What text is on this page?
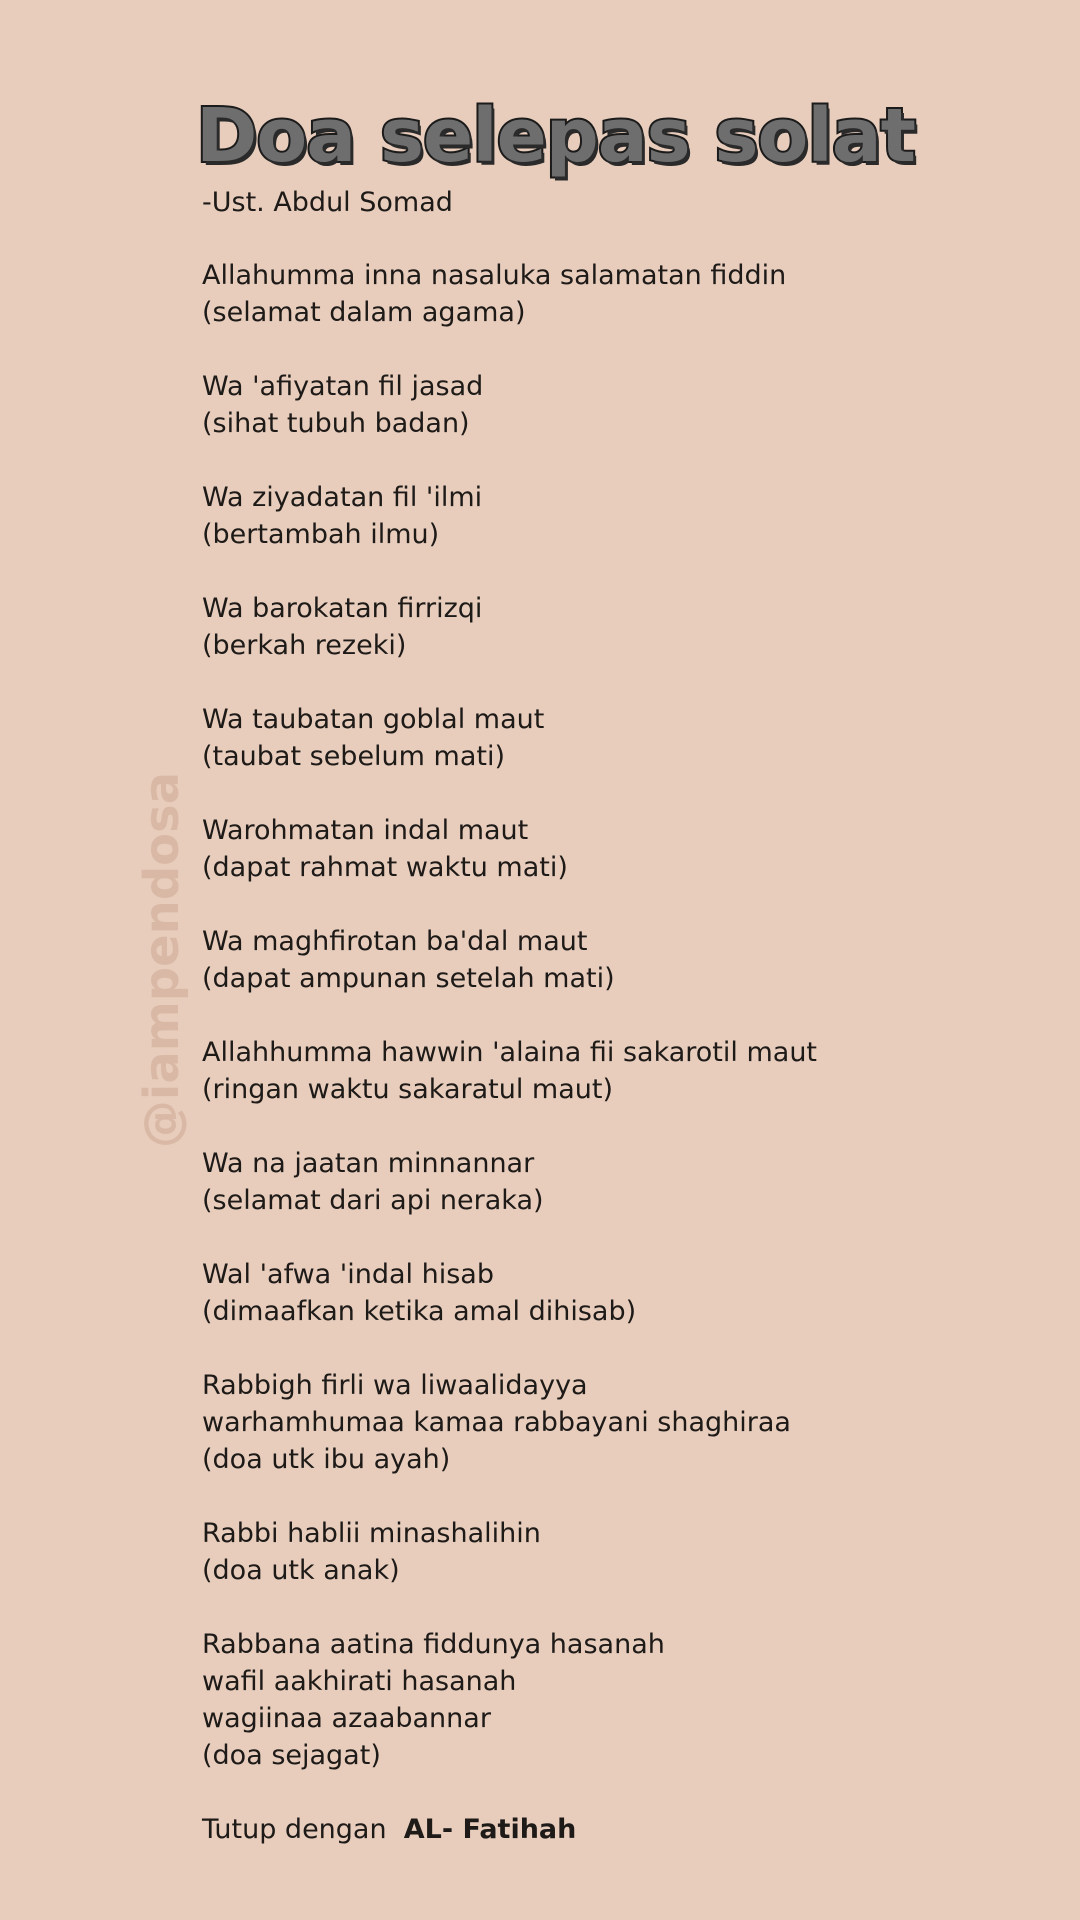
@iampendosa
Doa selepas solat
-Ust. Abdul Somad
Allahumma inna nasaluka salamatan fiddin
(selamat dalam agama)
Wa 'afiyatan fil jasad
(sihat tubuh badan)
Wa ziyadatan fil 'ilmi
(bertambah ilmu)
Wa barokatan firrizqi
(berkah rezeki)
Wa taubatan goblal maut
(taubat sebelum mati)
Warohmatan indal maut
(dapat rahmat waktu mati)
Wa maghfirotan ba'dal maut
(dapat ampunan setelah mati)
Allahhumma hawwin 'alaina fii sakarotil maut
(ringan waktu sakaratul maut)
Wa na jaatan minnannar
(selamat dari api neraka)
Wal 'afwa 'indal hisab
(dimaafkan ketika amal dihisab)
Rabbigh firli wa liwaalidayya
warhamhumaa kamaa rabbayani shaghiraa
(doa utk ibu ayah)
Rabbi hablii minashalihin
(doa utk anak)
Rabbana aatina fiddunya hasanah
wafil aakhirati hasanah
wagiinaa azaabannar
(doa sejagat)
Tutup dengan AL- Fatihah
